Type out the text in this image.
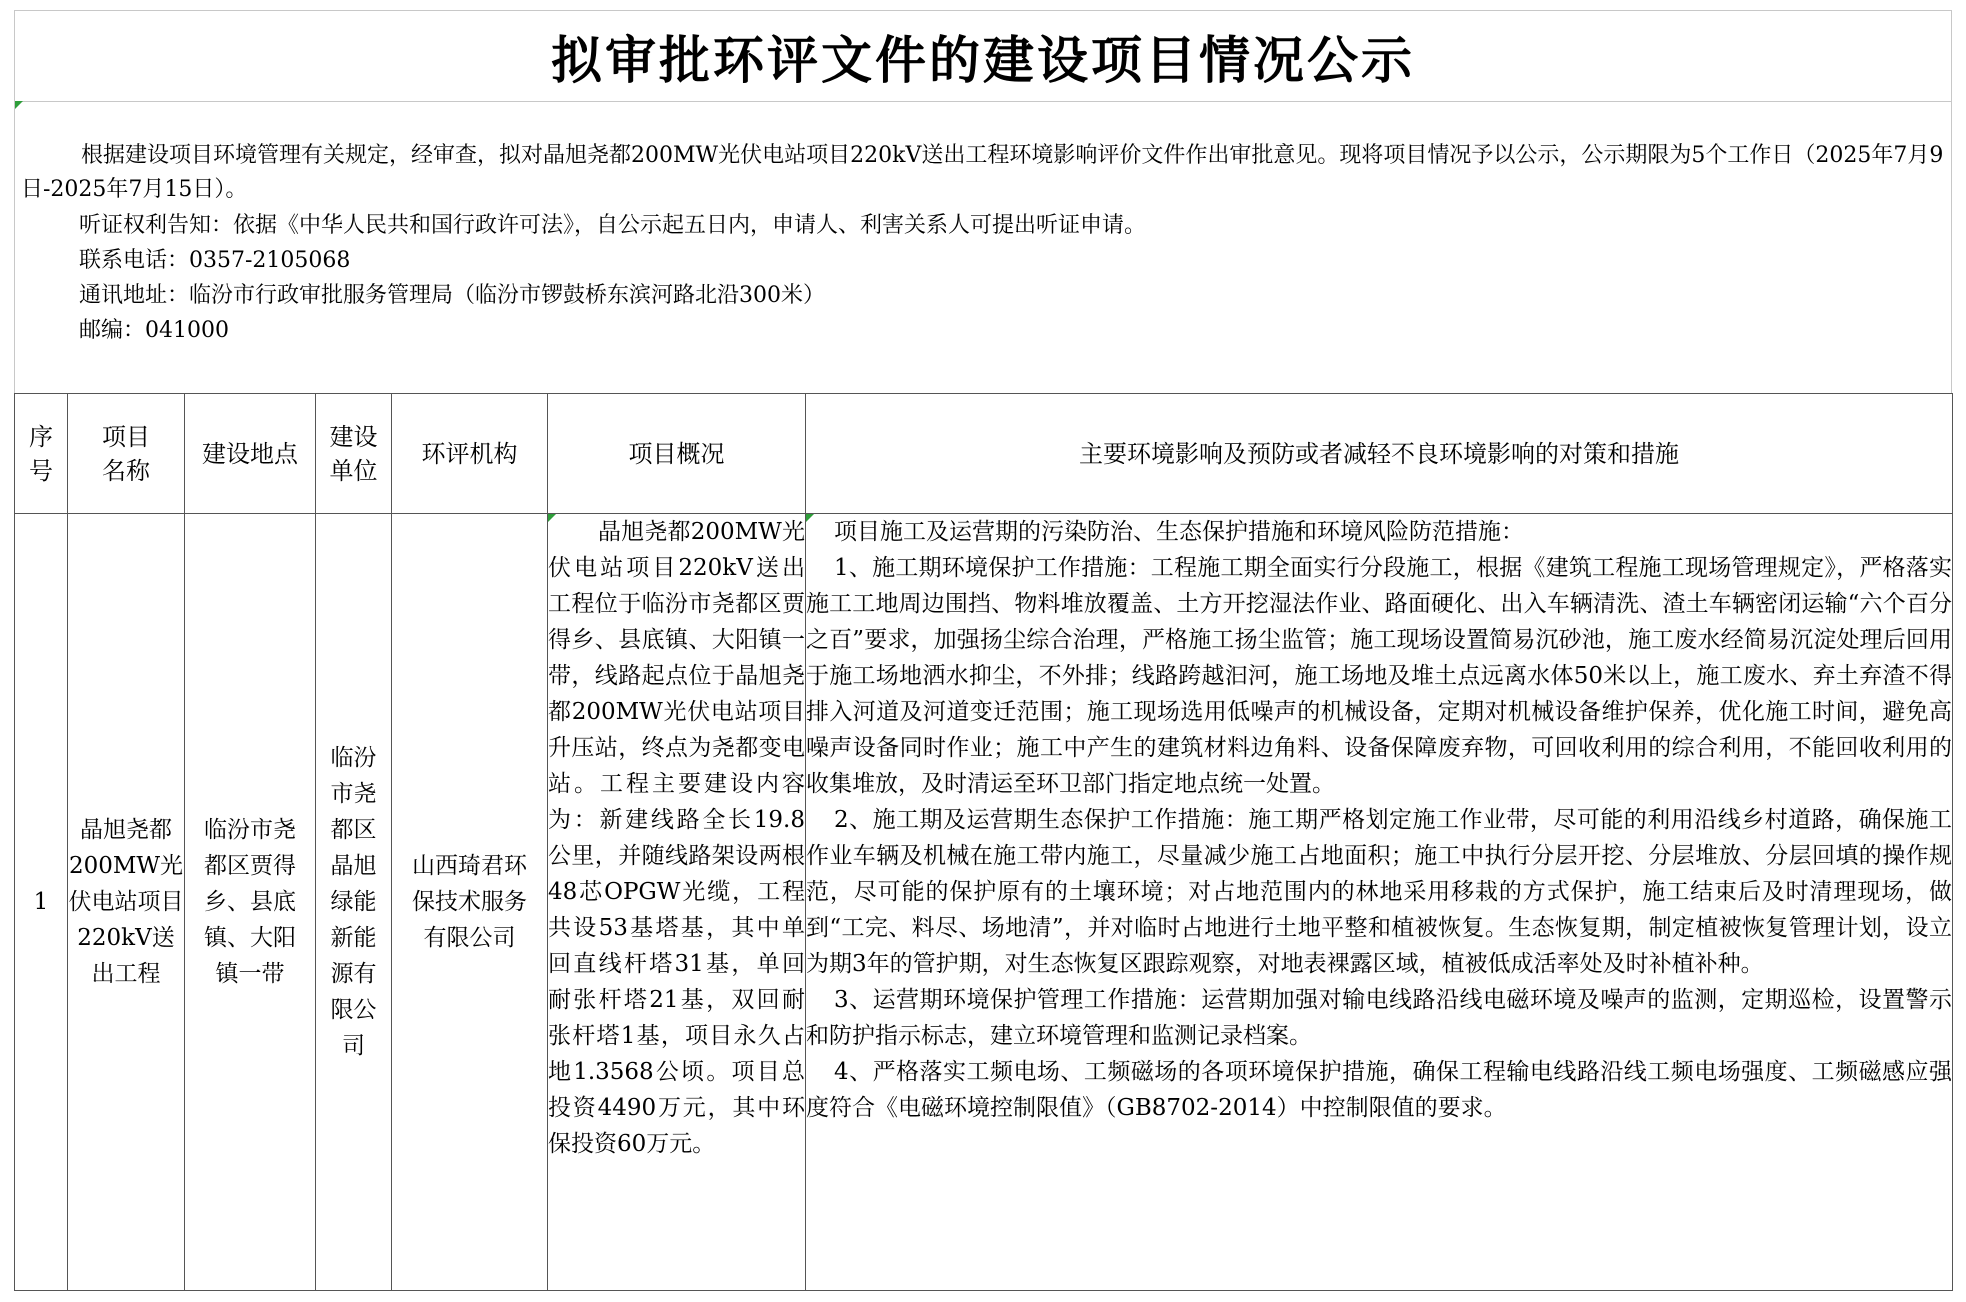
拟审批环评文件的建设项目情况公示

根据建设项目环境管理有关规定，经审查，拟对晶旭尧都200MW光伏电站项目220kV送出工程环境影响评价文件作出审批意见。现将项目情况予以公示，公示期限为5个工作日（2025年7月9日-2025年7月15日）。

听证权利告知：依据《中华人民共和国行政许可法》，自公示起五日内，申请人、利害关系人可提出听证申请。

联系电话：0357-2105068

通讯地址：临汾市行政审批服务管理局（临汾市锣鼓桥东滨河路北沿300米）

邮编：041000

序号	项目名称	建设地点	建设单位	环评机构	项目概况	主要环境影响及预防或者减轻不良环境影响的对策和措施
1	晶旭尧都200MW光伏电站项目220kV送出工程	临汾市尧都区贾得乡、县底镇、大阳镇一带	临汾市尧都区晶旭绿能新能源有限公司	山西琦君环保技术服务有限公司	晶旭尧都200MW光伏电站项目220kV送出工程位于临汾市尧都区贾得乡、县底镇、大阳镇一带，线路起点位于晶旭尧都200MW光伏电站项目升压站，终点为尧都变电站。工程主要建设内容为：新建线路全长19.8公里，并随线路架设两根48芯OPGW光缆，工程共设53基塔基，其中单回直线杆塔31基，单回耐张杆塔21基，双回耐张杆塔1基，项目永久占地1.3568公顷。项目总投资4490万元，其中环保投资60万元。	项目施工及运营期的污染防治、生态保护措施和环境风险防范措施：

1、施工期环境保护工作措施：工程施工期全面实行分段施工，根据《建筑工程施工现场管理规定》，严格落实施工工地周边围挡、物料堆放覆盖、土方开挖湿法作业、路面硬化、出入车辆清洗、渣土车辆密闭运输“六个百分之百”要求，加强扬尘综合治理，严格施工扬尘监管；施工现场设置简易沉砂池，施工废水经简易沉淀处理后回用于施工场地洒水抑尘，不外排；线路跨越汩河，施工场地及堆土点远离水体50米以上，施工废水、弃土弃渣不得排入河道及河道变迁范围；施工现场选用低噪声的机械设备，定期对机械设备维护保养，优化施工时间，避免高噪声设备同时作业；施工中产生的建筑材料边角料、设备保障废弃物，可回收利用的综合利用，不能回收利用的收集堆放，及时清运至环卫部门指定地点统一处置。

2、施工期及运营期生态保护工作措施：施工期严格划定施工作业带，尽可能的利用沿线乡村道路，确保施工作业车辆及机械在施工带内施工，尽量减少施工占地面积；施工中执行分层开挖、分层堆放、分层回填的操作规范，尽可能的保护原有的土壤环境；对占地范围内的林地采用移栽的方式保护，施工结束后及时清理现场，做到“工完、料尽、场地清”，并对临时占地进行土地平整和植被恢复。生态恢复期，制定植被恢复管理计划，设立为期3年的管护期，对生态恢复区跟踪观察，对地表裸露区域，植被低成活率处及时补植补种。

3、运营期环境保护管理工作措施：运营期加强对输电线路沿线电磁环境及噪声的监测，定期巡检，设置警示和防护指示标志，建立环境管理和监测记录档案。

4、严格落实工频电场、工频磁场的各项环境保护措施，确保工程输电线路沿线工频电场强度、工频磁感应强度符合《电磁环境控制限值》（GB8702-2014）中控制限值的要求。
